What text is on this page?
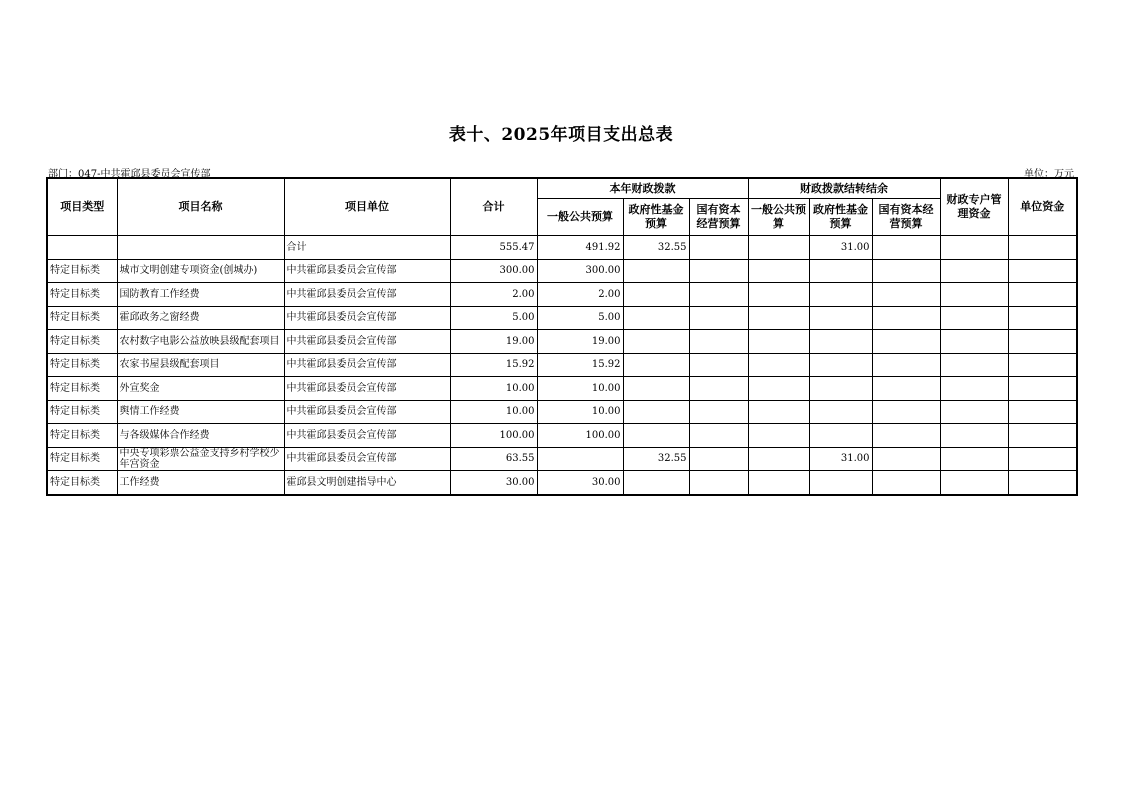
表十、2025年项目支出总表
部门：047-中共霍邱县委员会宣传部	单位：万元
项目类型	项目名称	项目单位	合计	本年财政拨款			财政拨款结转结余			财政专户管理资金	单位资金
				一般公共预算	政府性基金预算	国有资本经营预算	一般公共预算	政府性基金预算	国有资本经营预算		
		合计	555.47	491.92	32.55			31.00			
特定目标类	城市文明创建专项资金(创城办)	中共霍邱县委员会宣传部	300.00	300.00							
特定目标类	国防教育工作经费	中共霍邱县委员会宣传部	2.00	2.00							
特定目标类	霍邱政务之窗经费	中共霍邱县委员会宣传部	5.00	5.00							
特定目标类	农村数字电影公益放映县级配套项目	中共霍邱县委员会宣传部	19.00	19.00							
特定目标类	农家书屋县级配套项目	中共霍邱县委员会宣传部	15.92	15.92							
特定目标类	外宣奖金	中共霍邱县委员会宣传部	10.00	10.00							
特定目标类	舆情工作经费	中共霍邱县委员会宣传部	10.00	10.00							
特定目标类	与各级媒体合作经费	中共霍邱县委员会宣传部	100.00	100.00							
特定目标类	中央专项彩票公益金支持乡村学校少年宫资金	中共霍邱县委员会宣传部	63.55		32.55			31.00			
特定目标类	工作经费	霍邱县文明创建指导中心	30.00	30.00							
